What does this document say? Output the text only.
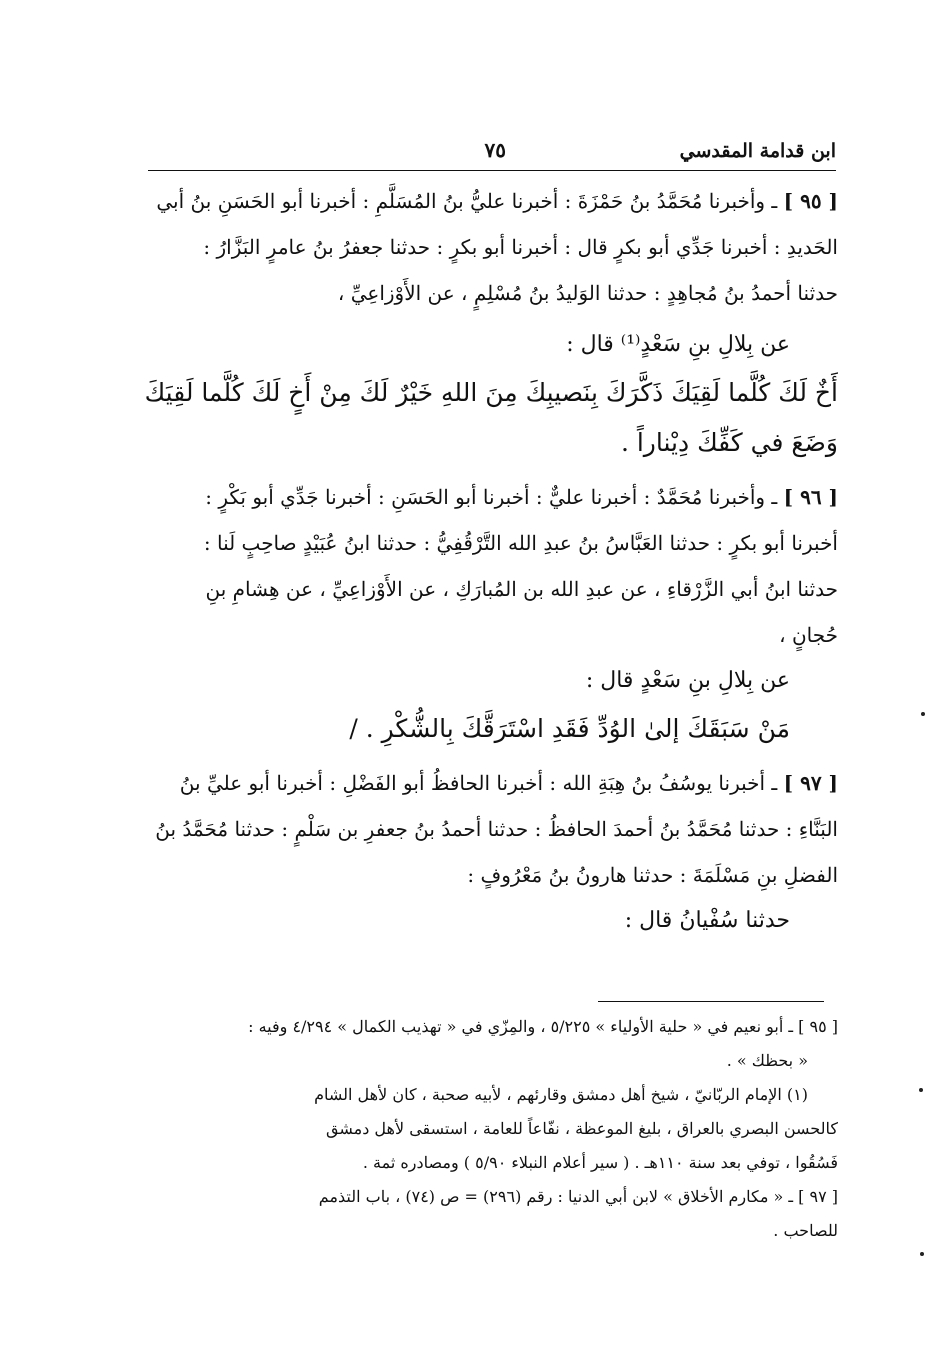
ابن قدامة المقدسي
٧٥
[ ٩٥ ] ـ وأخبرنا مُحَمَّدُ بنُ حَمْزَةَ : أخبرنا عليُّ بنُ المُسَلَّمِ : أخبرنا أبو الحَسَنِ بنُ أبي
الحَديدِ : أخبرنا جَدِّي أبو بكرٍ قال : أخبرنا أبو بكرٍ : حدثنا جعفرُ بنُ عامرٍ البَزَّارُ :
حدثنا أحمدُ بنُ مُجاهِدٍ : حدثنا الوَليدُ بنُ مُسْلِمٍ ، عن الأَوْزاعِيِّ ،
عن بِلالِ بنِ سَعْدٍ⁽¹⁾ قال :
أَخٌ لَكَ كُلَّما لَقِيَكَ ذَكَّرَكَ بِنَصيبِكَ مِنَ اللهِ خَيْرٌ لَكَ مِنْ أَخٍ لَكَ كُلَّما لَقِيَكَ
وَضَعَ في كَفِّكَ دِيْناراً .
[ ٩٦ ] ـ وأخبرنا مُحَمَّدٌ : أخبرنا عليٌّ : أخبرنا أبو الحَسَنِ : أخبرنا جَدِّي أبو بَكْرٍ :
أخبرنا أبو بكرٍ : حدثنا العَبَّاسُ بنُ عبدِ الله التَّرْقُفِيُّ : حدثنا ابنُ عُبَيْدٍ صاحِبٍ لَنا :
حدثنا ابنُ أبي الزَّرْقاءِ ، عن عبدِ الله بن المُبارَكِ ، عن الأَوْزاعِيِّ ، عن هِشامِ بنِ
حُجانٍ ،
عن بِلالِ بنِ سَعْدٍ قال :
مَنْ سَبَقَكَ إلىٰ الوُدِّ فَقَدِ اسْتَرَقَّكَ بِالشُّكْرِ . /
[ ٩٧ ] ـ أخبرنا يوسُفُ بنُ هِبَةِ الله : أخبرنا الحافظُ أبو الفَضْلِ : أخبرنا أبو عليِّ بنُ
البَنَّاءِ : حدثنا مُحَمَّدُ بنُ أحمدَ الحافظُ : حدثنا أحمدُ بنُ جعفرِ بن سَلْمٍ : حدثنا مُحَمَّدُ بنُ
الفضلِ بنِ مَسْلَمَةَ : حدثنا هارونُ بنُ مَعْرُوفٍ :
حدثنا سُفْيانُ قال :
[ ٩٥ ] ـ أبو نعيم في « حلية الأولياء » ٥/٢٢٥ ، والمِزّي في « تهذيب الكمال » ٤/٢٩٤ وفيه :
« بحظك » .
(١) الإمام الربّانيّ ، شيخ أهل دمشق وقارئهم ، لأبيه صحبة ، كان لأهل الشام
كالحسن البصري بالعراق ، بليغ الموعظة ، نفّاعاً للعامة ، استسقى لأهل دمشق
فَسُقُوا ، توفي بعد سنة ١١٠هـ . ( سير أعلام النبلاء ٥/٩٠ ) ومصادره ثمة .
[ ٩٧ ] ـ « مكارم الأخلاق » لابن أبي الدنيا : رقم (٢٩٦) = ص (٧٤) ، باب التذمم
للصاحب .
